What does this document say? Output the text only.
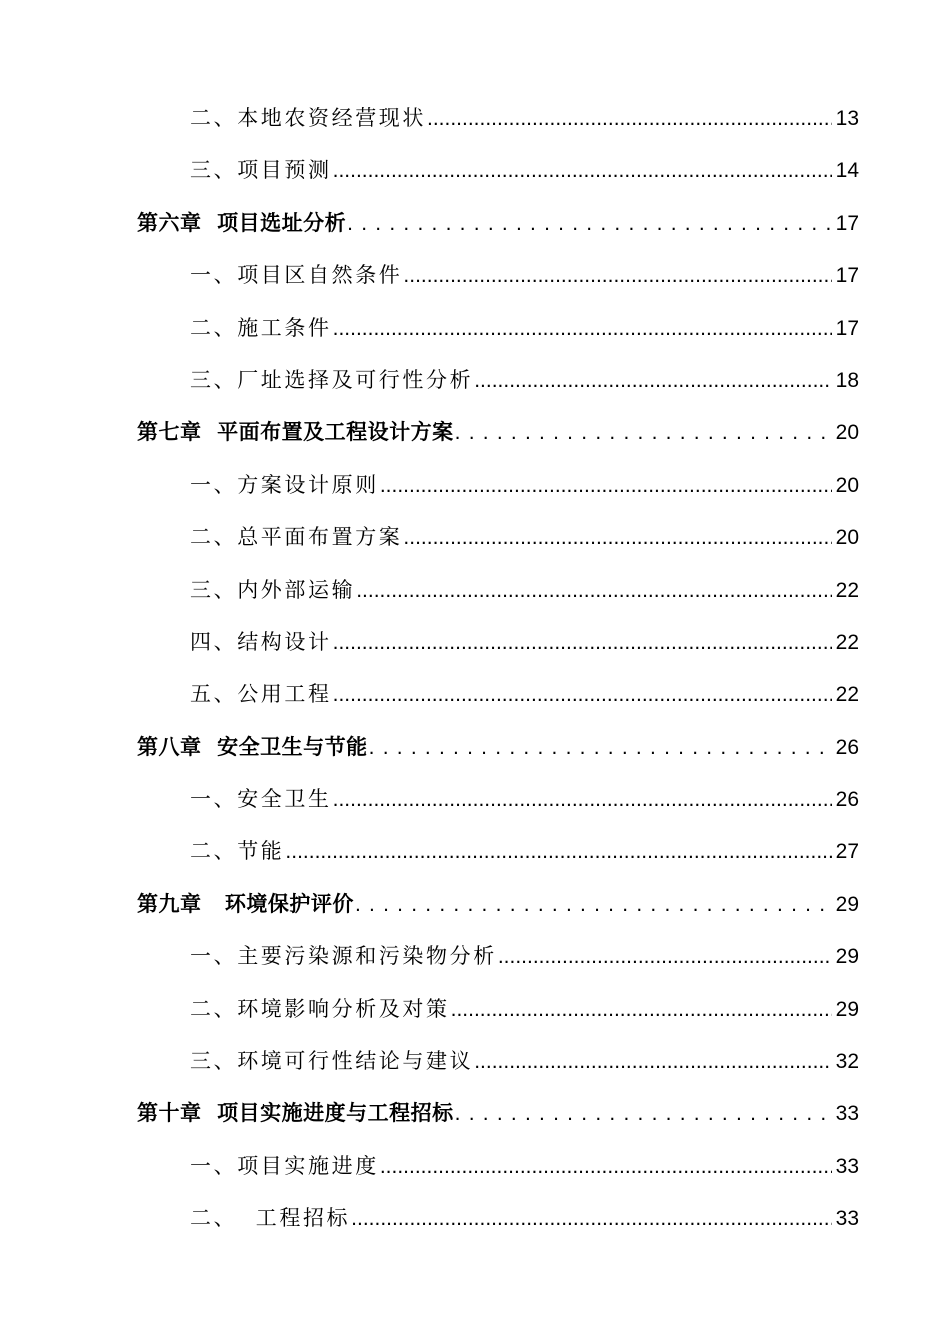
二、本地农资经营现状 .....	13
三、项目预测 .....	14
第六章  项目选址分析 . . .	17
一、项目区自然条件 .....	17
二、施工条件 .....	17
三、厂址选择及可行性分析 .....	18
第七章  平面布置及工程设计方案 . . .	20
一、方案设计原则 .....	20
二、总平面布置方案 .....	20
三、内外部运输 .....	22
四、结构设计 .....	22
五、公用工程 .....	22
第八章  安全卫生与节能 . . .	26
一、安全卫生 .....	26
二、节能 .....	27
第九章   环境保护评价 . . .	29
一、主要污染源和污染物分析 .....	29
二、环境影响分析及对策 .....	29
三、环境可行性结论与建议 .....	32
第十章  项目实施进度与工程招标 . . .	33
一、项目实施进度 .....	33
二、  工程招标 .....	33
